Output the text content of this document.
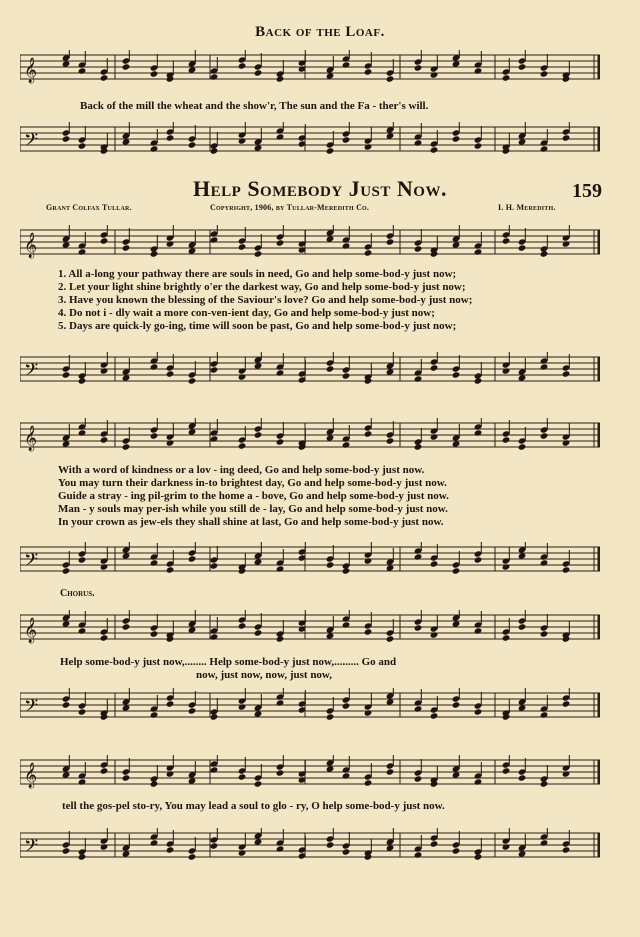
Back of the Loaf.
𝄞
Back of the mill the wheat and the show'r, The sun and the Fa - ther's will.
𝄢
Help Somebody Just Now.	159
Grant Colfax Tullar.	Copyright, 1906, by Tullar-Meredith Co.	I. H. Meredith.
𝄞
1. All a-long your pathway there are souls in need, Go and help some-bod-y just now;
2. Let your light shine brightly o'er the darkest way, Go and help some-bod-y just now;
3. Have you known the blessing of the Saviour's love? Go and help some-bod-y just now;
4. Do not i - dly wait a more con-ven-ient day, Go and help some-bod-y just now;
5. Days are quick-ly go-ing, time will soon be past, Go and help some-bod-y just now;
𝄢
𝄞
With a word of kindness or a lov - ing deed, Go and help some-bod-y just now.
You may turn their darkness in-to brightest day, Go and help some-bod-y just now.
Guide a stray - ing pil-grim to the home a - bove, Go and help some-bod-y just now.
Man - y souls may per-ish while you still de - lay, Go and help some-bod-y just now.
In your crown as jew-els they shall shine at last, Go and help some-bod-y just now.
𝄢
Chorus.
𝄞
Help some-bod-y just now,........ Help some-bod-y just now,......... Go and
now, just now, now, just now,
𝄢
𝄞
tell the gos-pel sto-ry, You may lead a soul to glo - ry, O help some-bod-y just now.
𝄢
